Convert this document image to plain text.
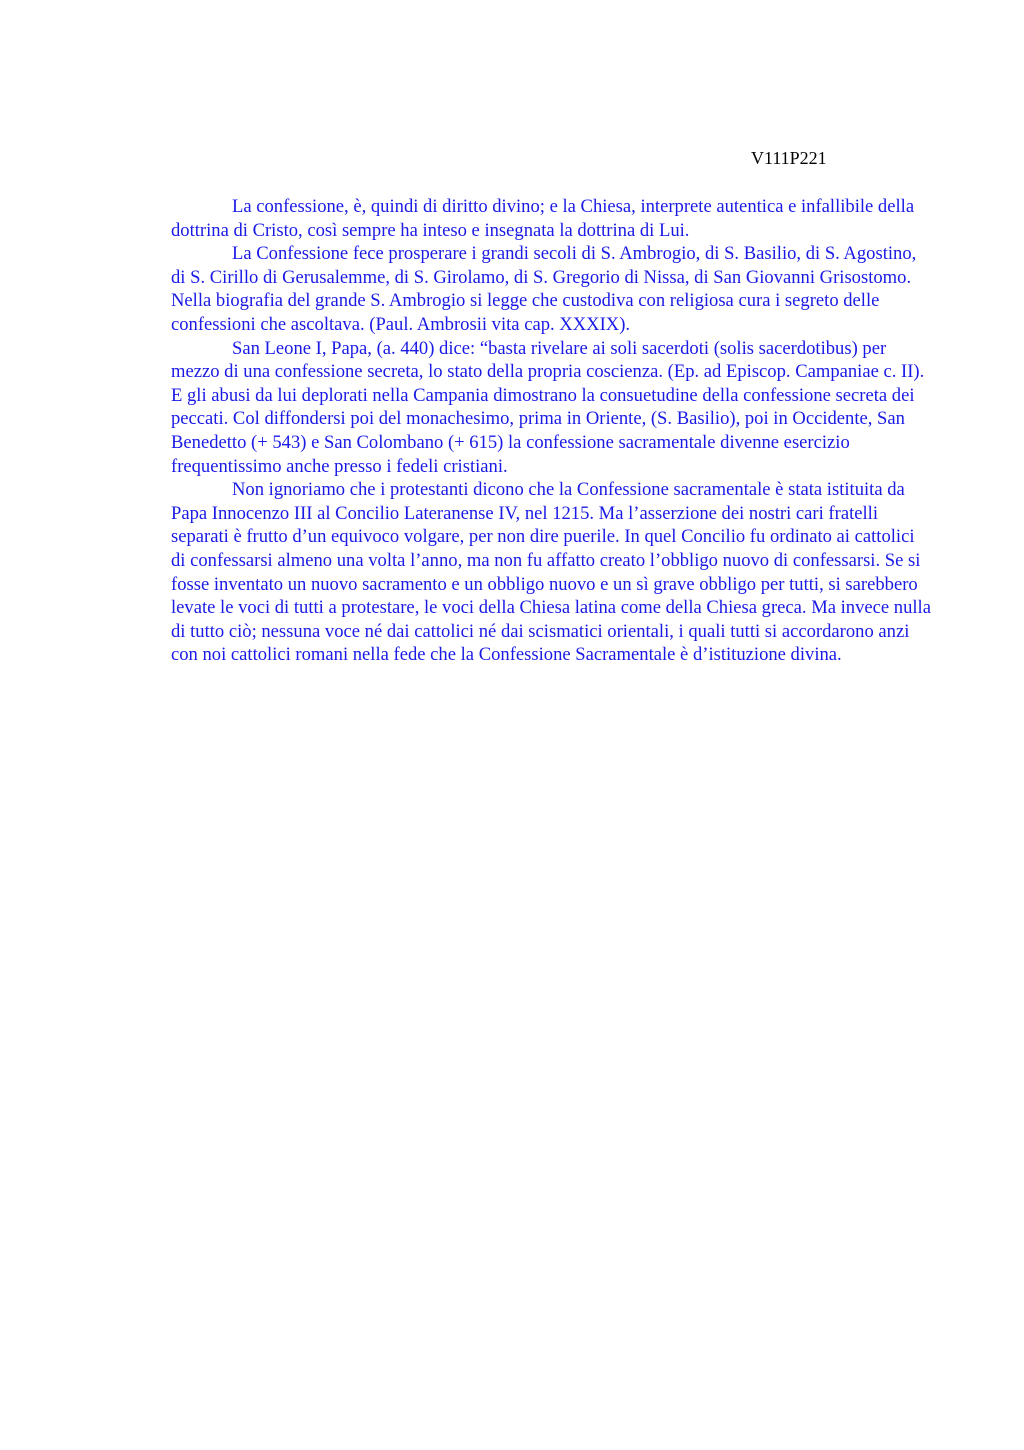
V111P221

La confessione, è, quindi di diritto divino; e la Chiesa, interprete autentica e infallibile della dottrina di Cristo, così sempre ha inteso e insegnata la dottrina di Lui.

La Confessione fece prosperare i grandi secoli di S. Ambrogio, di S. Basilio, di S. Agostino, di S. Cirillo di Gerusalemme, di S. Girolamo, di S. Gregorio di Nissa, di San Giovanni Grisostomo. Nella biografia del grande S. Ambrogio si legge che custodiva con religiosa cura i segreto delle confessioni che ascoltava. (Paul. Ambrosii vita cap. XXXIX).

San Leone I, Papa, (a. 440) dice: “basta rivelare ai soli sacerdoti (solis sacerdotibus) per mezzo di una confessione secreta, lo stato della propria coscienza. (Ep. ad Episcop. Campaniae c. II). E gli abusi da lui deplorati nella Campania dimostrano la consuetudine della confessione secreta dei peccati. Col diffondersi poi del monachesimo, prima in Oriente, (S. Basilio), poi in Occidente, San Benedetto (+ 543) e San Colombano (+ 615) la confessione sacramentale divenne esercizio frequentissimo anche presso i fedeli cristiani.

Non ignoriamo che i protestanti dicono che la Confessione sacramentale è stata istituita da Papa Innocenzo III al Concilio Lateranense IV, nel 1215. Ma l’asserzione dei nostri cari fratelli separati è frutto d’un equivoco volgare, per non dire puerile. In quel Concilio fu ordinato ai cattolici di confessarsi almeno una volta l’anno, ma non fu affatto creato l’obbligo nuovo di confessarsi. Se si fosse inventato un nuovo sacramento e un obbligo nuovo e un sì grave obbligo per tutti, si sarebbero levate le voci di tutti a protestare, le voci della Chiesa latina come della Chiesa greca. Ma invece nulla di tutto ciò; nessuna voce né dai cattolici né dai scismatici orientali, i quali tutti si accordarono anzi con noi cattolici romani nella fede che la Confessione Sacramentale è d’istituzione divina.
